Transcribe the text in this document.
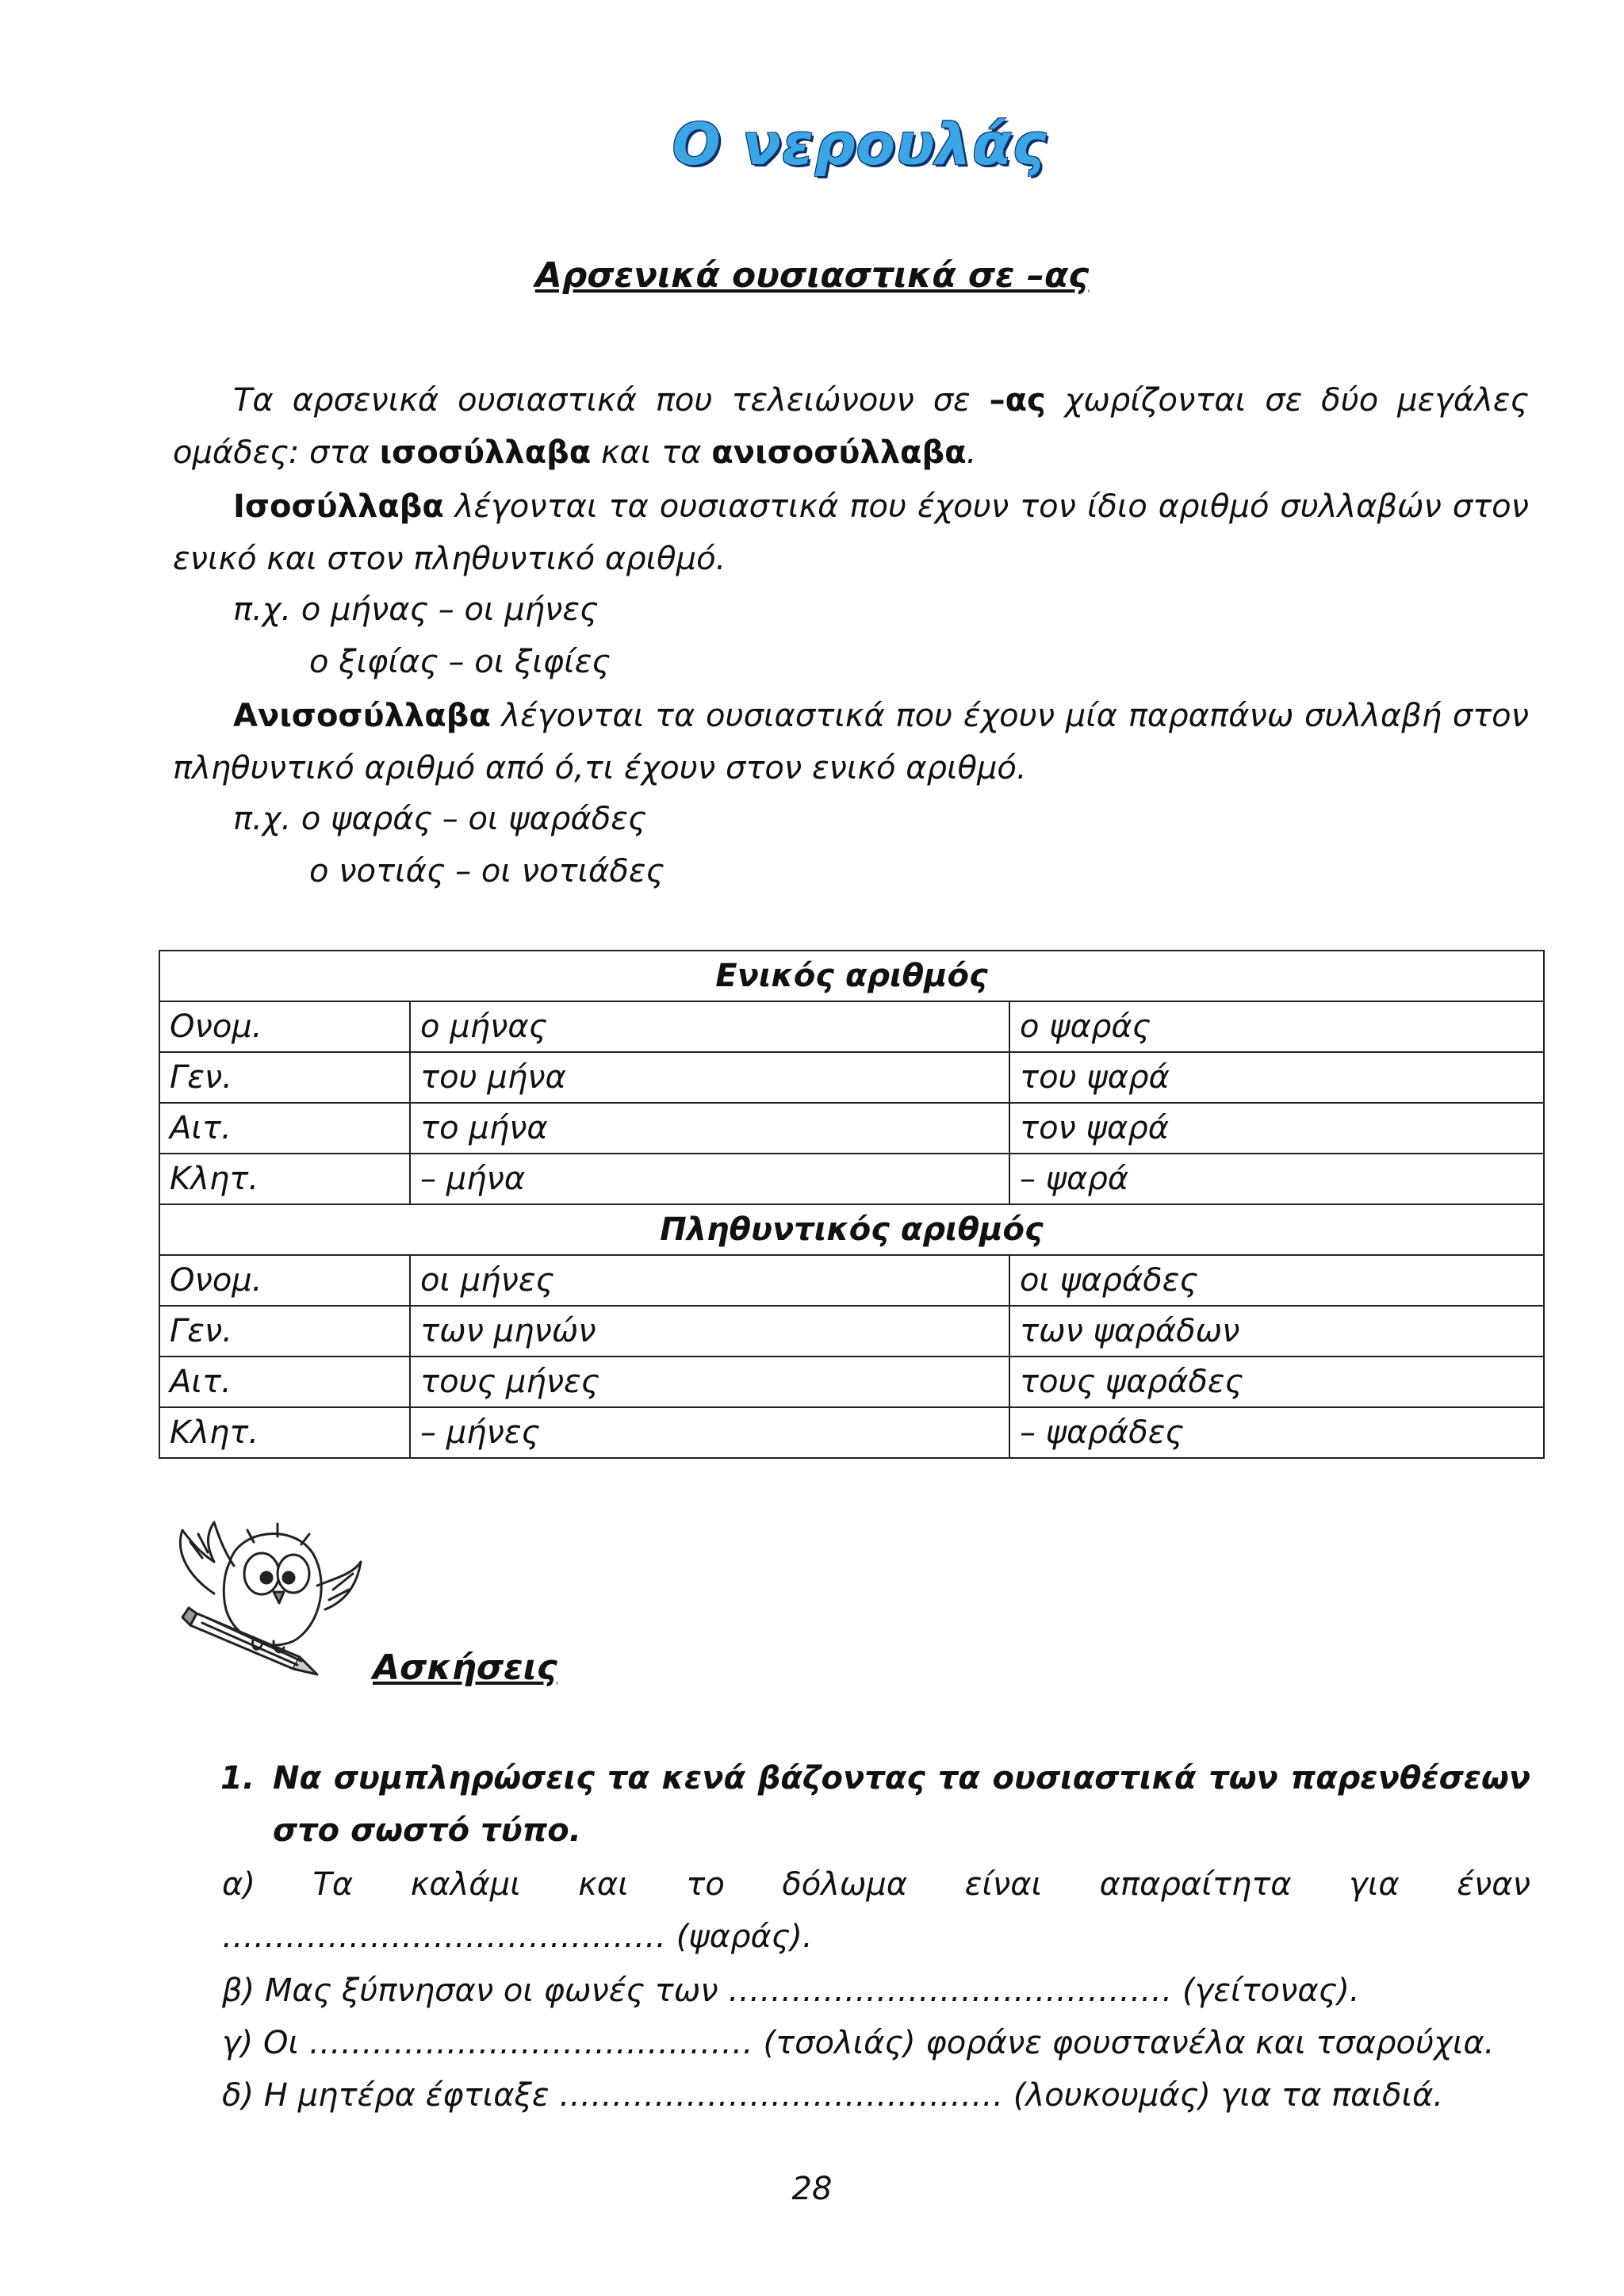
Ο νερουλάς
Αρσενικά ουσιαστικά σε –ας
Τα αρσενικά ουσιαστικά που τελειώνουν σε –ας χωρίζονται σε δύο μεγάλες ομάδες: στα ισοσύλλαβα και τα ανισοσύλλαβα.
Ισοσύλλαβα λέγονται τα ουσιαστικά που έχουν τον ίδιο αριθμό συλλαβών στον ενικό και στον πληθυντικό αριθμό.
π.χ. ο μήνας – οι μήνες
ο ξιφίας – οι ξιφίες
Ανισοσύλλαβα λέγονται τα ουσιαστικά που έχουν μία παραπάνω συλλαβή στον πληθυντικό αριθμό από ό,τι έχουν στον ενικό αριθμό.
π.χ. ο ψαράς – οι ψαράδες
ο νοτιάς – οι νοτιάδες
Ενικός αριθμός		
Ονομ.	ο μήνας	ο ψαράς
Γεν.	του μήνα	του ψαρά
Αιτ.	το μήνα	τον ψαρά
Κλητ.	– μήνα	– ψαρά
Πληθυντικός αριθμός		
Ονομ.	οι μήνες	οι ψαράδες
Γεν.	των μηνών	των ψαράδων
Αιτ.	τους μήνες	τους ψαράδες
Κλητ.	– μήνες	– ψαράδες
Ασκήσεις
1. Να συμπληρώσεις τα κενά βάζοντας τα ουσιαστικά των παρενθέσεων στο σωστό τύπο.
α) Τα καλάμι και το δόλωμα είναι απαραίτητα για έναν
…………………………………… (ψαράς).
β) Μας ξύπνησαν οι φωνές των …………………………………… (γείτονας).
γ) Οι …………………………………… (τσολιάς) φοράνε φουστανέλα και τσαρούχια.
δ) Η μητέρα έφτιαξε …………………………………… (λουκουμάς) για τα παιδιά.
28
